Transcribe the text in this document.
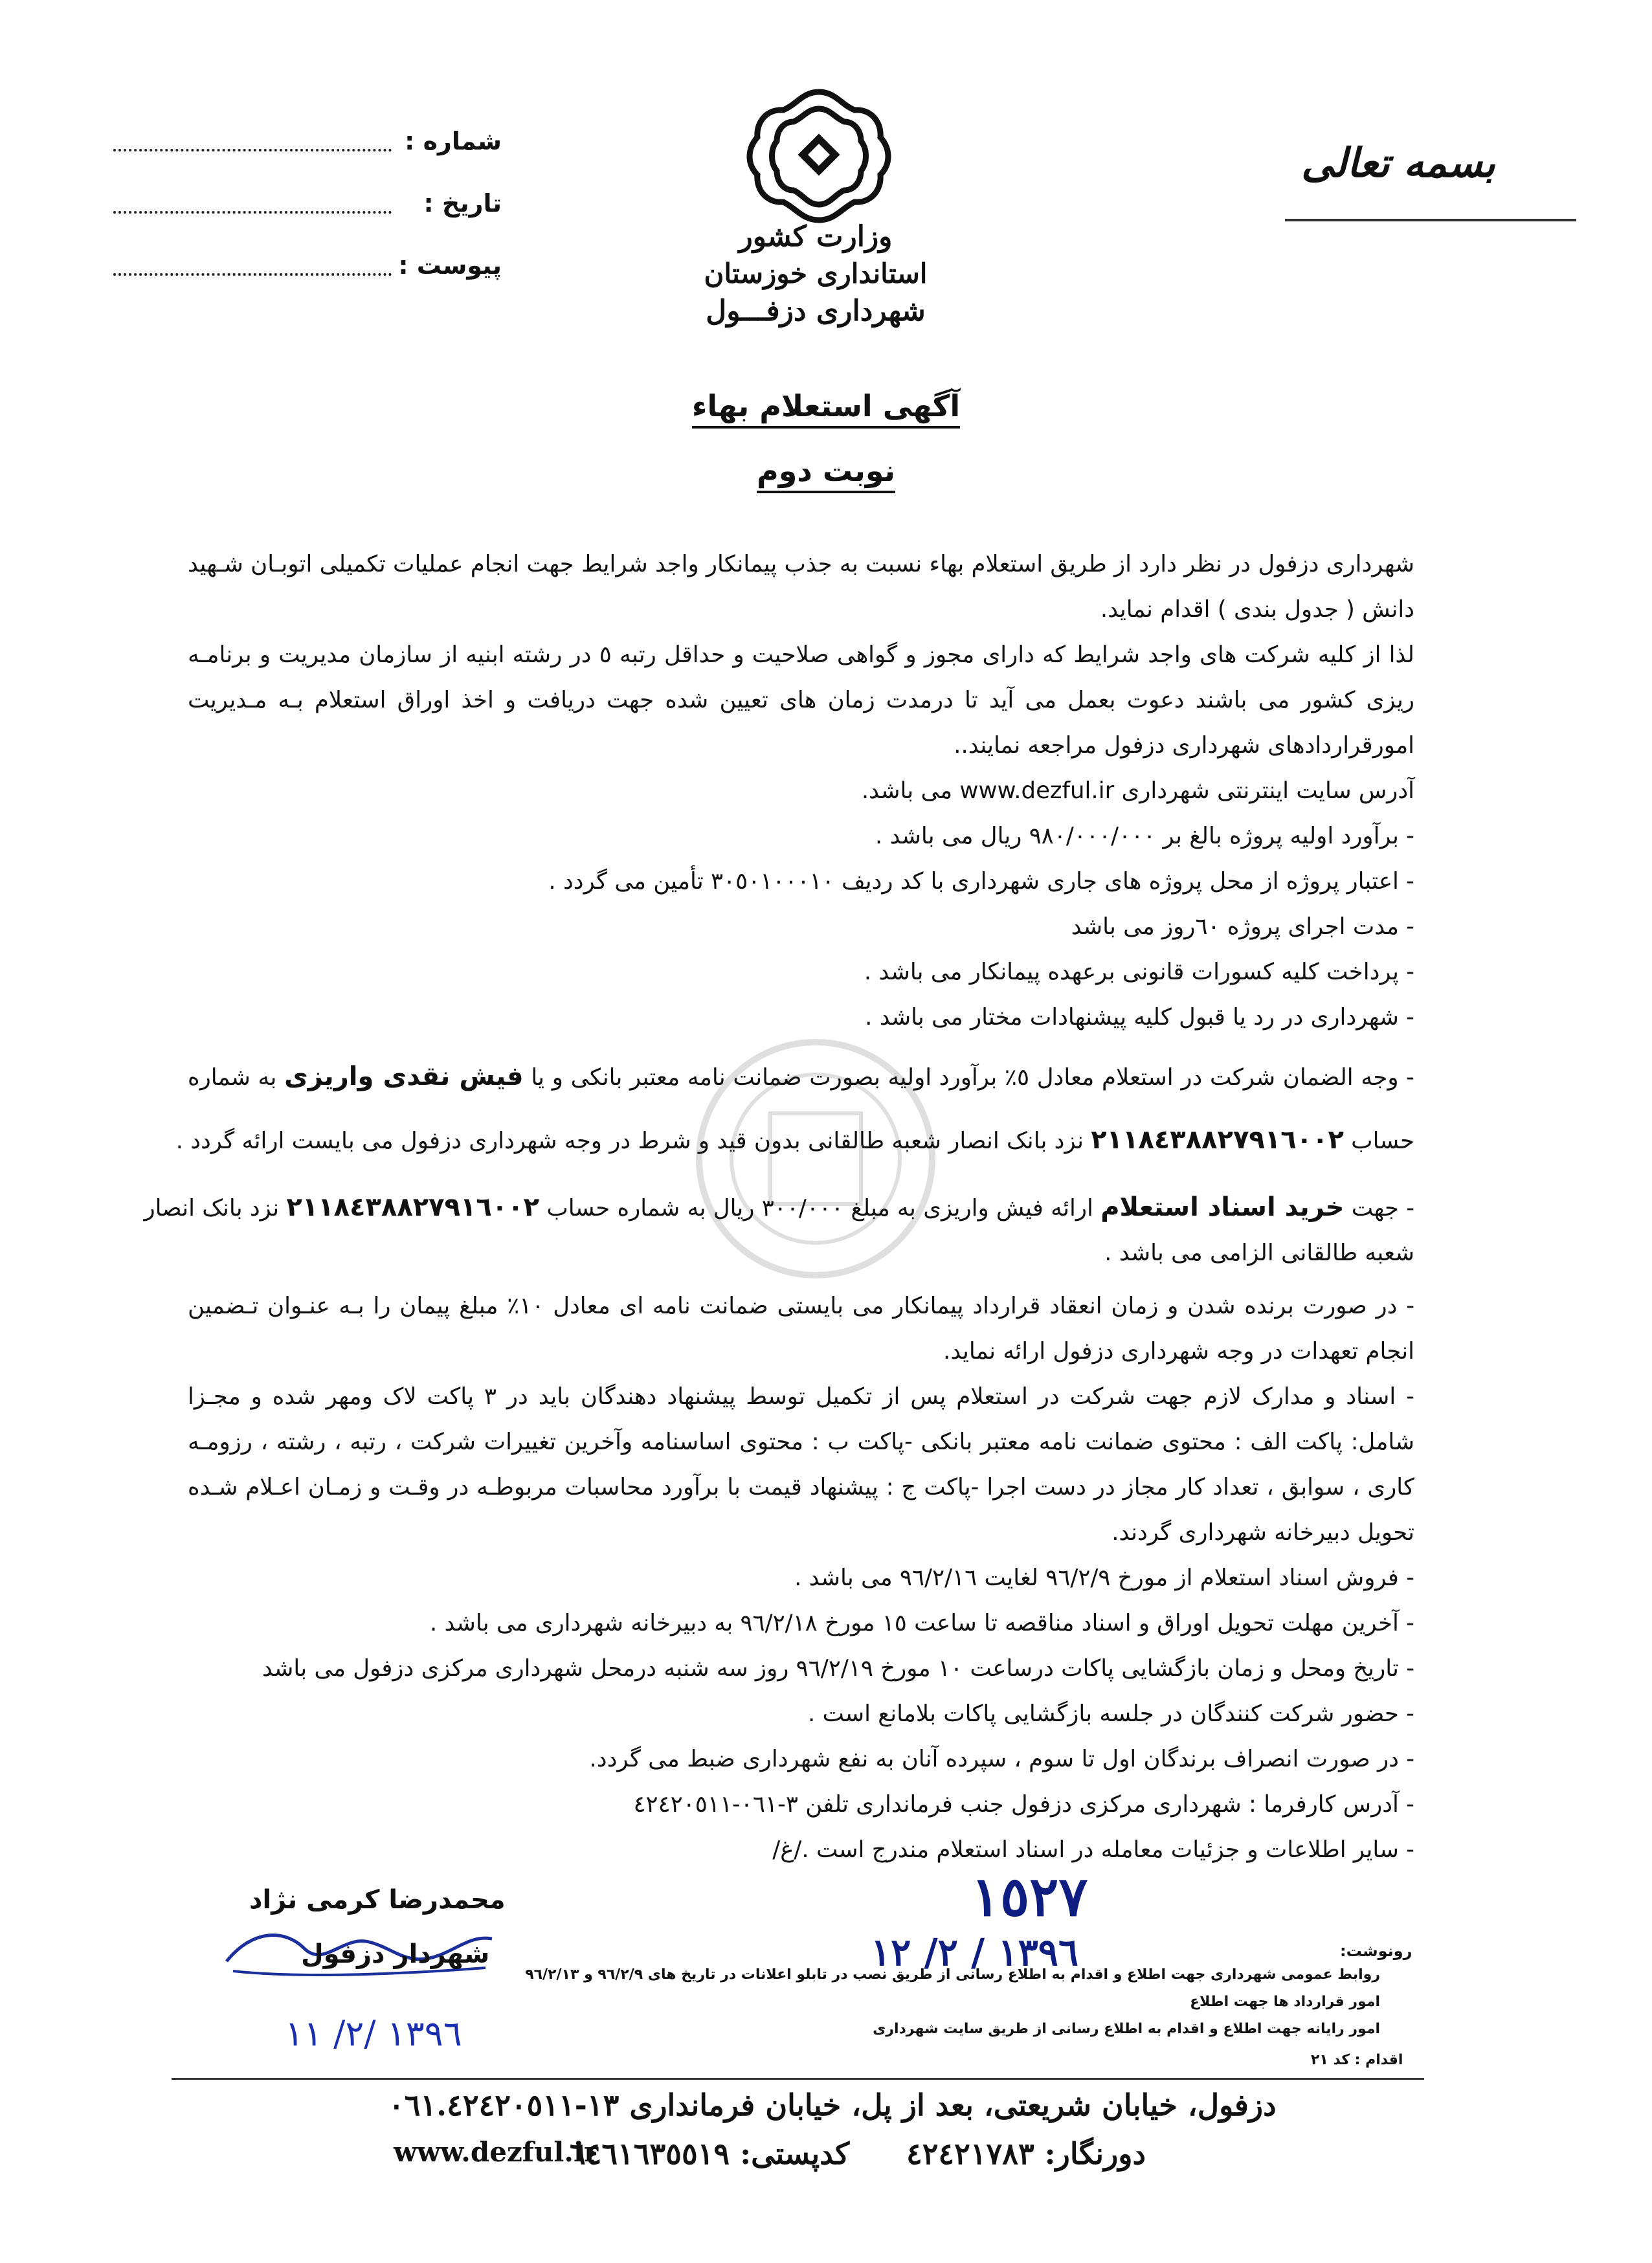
شماره :
تاریخ :
پیوست :
وزارت کشور
استانداری خوزستان
شهرداری دزفـــول
بسمه تعالی
آگهی استعلام بهاء
نوبت دوم
شهرداری دزفول در نظر دارد از طریق استعلام بهاء نسبت به جذب پیمانکار واجد شرایط جهت انجام عملیات تکمیلی اتوبـان شـهید
دانش ( جدول بندی ) اقدام نماید.
لذا از کلیه شرکت های واجد شرایط که دارای مجوز و گواهی صلاحیت و حداقل رتبه ٥ در رشته ابنیه از سازمان مدیریت و برنامـه
ریزی کشور می باشند دعوت بعمل می آید تا درمدت زمان های تعیین شده جهت دریافت و اخذ اوراق استعلام بـه مـدیریت
امورقراردادهای شهرداری دزفول مراجعه نمایند..
آدرس سایت اینترنتی شهرداری www.dezful.ir می باشد.
- برآورد اولیه پروژه بالغ بر ٩٨٠/٠٠٠/٠٠٠ ریال می باشد .
- اعتبار پروژه از محل پروژه های جاری شهرداری با کد ردیف ٣٠٥٠١٠٠٠١٠ تأمین می گردد .
- مدت اجرای پروژه ٦٠روز می باشد
- پرداخت کلیه کسورات قانونی برعهده پیمانکار می باشد .
- شهرداری در رد یا قبول کلیه پیشنهادات مختار می باشد .
- وجه الضمان شرکت در استعلام معادل ٥٪ برآورد اولیه بصورت ضمانت نامه معتبر بانکی و یا فیش نقدی واریزی به شماره
حساب ٢١١٨٤٣٨٨٢٧٩١٦٠٠٢ نزد بانک انصار شعبه طالقانی بدون قید و شرط در وجه شهرداری دزفول می بایست ارائه گردد .
- جهت خرید اسناد استعلام ارائه فیش واریزی به مبلغ ٣٠٠/٠٠٠ ریال به شماره حساب ٢١١٨٤٣٨٨٢٧٩١٦٠٠٢ نزد بانک انصار
شعبه طالقانی الزامی می باشد .
- در صورت برنده شدن و زمان انعقاد قرارداد پیمانکار می بایستی ضمانت نامه ای معادل ١٠٪ مبلغ پیمان را بـه عنـوان تـضمین
انجام تعهدات در وجه شهرداری دزفول ارائه نماید.
- اسناد و مدارک لازم جهت شرکت در استعلام پس از تکمیل توسط پیشنهاد دهندگان باید در ٣ پاکت لاک ومهر شده و مجـزا
شامل: پاکت الف : محتوی ضمانت نامه معتبر بانکی -پاکت ب : محتوی اساسنامه وآخرین تغییرات شرکت ، رتبه ، رشته ، رزومـه
کاری ، سوابق ، تعداد کار مجاز در دست اجرا -پاکت ج : پیشنهاد قیمت با برآورد محاسبات مربوطـه در وقـت و زمـان اعـلام شـده
تحویل دبیرخانه شهرداری گردند.
- فروش اسناد استعلام از مورخ ٩٦/٢/٩ لغایت ٩٦/٢/١٦ می باشد .
- آخرین مهلت تحویل اوراق و اسناد مناقصه تا ساعت ١٥ مورخ ٩٦/٢/١٨ به دبیرخانه شهرداری می باشد .
- تاریخ ومحل و زمان بازگشایی پاکات درساعت ١٠ مورخ ٩٦/٢/١٩ روز سه شنبه درمحل شهرداری مرکزی دزفول می باشد
- حضور شرکت کنندگان در جلسه بازگشایی پاکات بلامانع است .
- در صورت انصراف برندگان اول تا سوم ، سپرده آنان به نفع شهرداری ضبط می گردد.
- آدرس کارفرما : شهرداری مرکزی دزفول جنب فرمانداری تلفن ٣-٠٦١-٤٢٤٢٠٥١١
- سایر اطلاعات و جزئیات معامله در اسناد استعلام مندرج است ./غ/
محمدرضا کرمی نژاد
شهردار دزفول
١٣٩٦ /٢/ ١١
١٥٢٧
١٣٩٦ / ٢/ ١٢	رونوشت:
روابط عمومی شهرداری جهت اطلاع و اقدام به اطلاع رسانی از طریق نصب در تابلو اعلانات در تاریخ های ٩٦/٢/٩ و ٩٦/٢/١٣
امور قرارداد ها جهت اطلاع
امور رایانه جهت اطلاع و اقدام به اطلاع رسانی از طریق سایت شهرداری
اقدام : کد ٢١
دزفول، خیابان شریعتی، بعد از پل، خیابان فرمانداری ١٣-٠٦١.٤٢٤٢٠٥١١
دورنگار: ٤٢٤٢١٧٨٣
کدپستی: ٦٤٦١٦٣٥٥١٩
www.dezful.ir
